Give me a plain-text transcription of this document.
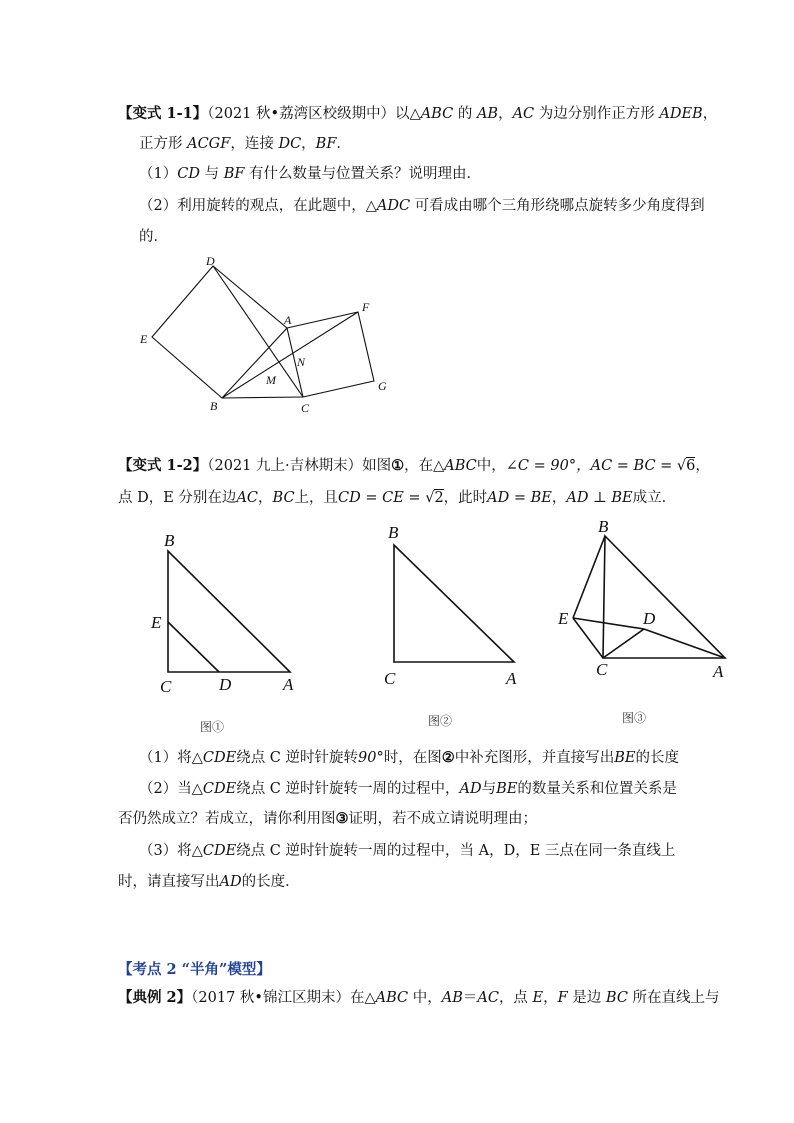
【变式 1-1】（2021 秋•荔湾区校级期中）以△ABC 的 AB，AC 为边分别作正方形 ADEB，
正方形 ACGF，连接 DC，BF．
（1）CD 与 BF 有什么数量与位置关系？说明理由．
（2）利用旋转的观点，在此题中，△ADC 可看成由哪个三角形绕哪点旋转多少角度得到
的．
D
E
A
F
N
M
B	C
G
【变式 1-2】（2021 九上·吉林期末）如图①，在△ABC中，∠C = 90°，AC = BC = √6，
点 D，E 分别在边AC，BC上，且CD = CE = √2，此时AD = BE，AD ⊥ BE成立．
B
E
C	D	A
B
C	A
B
E	D
C	A
图①	图②	图③
（1）将△CDE绕点 C 逆时针旋转90°时，在图②中补充图形，并直接写出BE的长度
（2）当△CDE绕点 C 逆时针旋转一周的过程中，AD与BE的数量关系和位置关系是
否仍然成立？若成立，请你利用图③证明，若不成立请说明理由；
（3）将△CDE绕点 C 逆时针旋转一周的过程中，当 A，D，E 三点在同一条直线上
时，请直接写出AD的长度．
【考点 2 “半角”模型】
【典例 2】（2017 秋•锦江区期末）在△ABC 中，AB＝AC，点 E，F 是边 BC 所在直线上与
